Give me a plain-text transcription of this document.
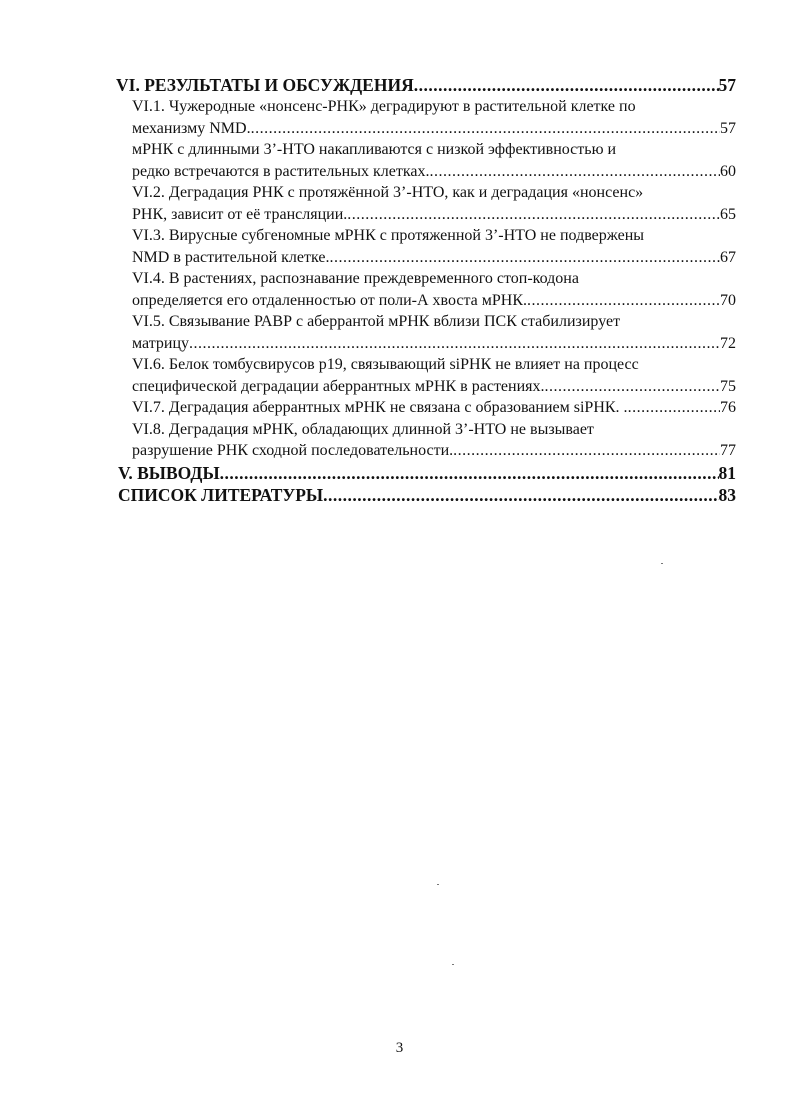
VI. РЕЗУЛЬТАТЫ И ОБСУЖДЕНИЯ .....	57
VI.1. Чужеродные «нонсенс-РНК» деградируют в растительной клетке по
механизму NMD. .....	57
мРНК с длинными 3’-НТО накапливаются с низкой эффективностью и
редко встречаются в растительных клетках. .....	60
VI.2. Деградация РНК с протяжённой 3’-НТО, как и деградация «нонсенс»
РНК, зависит от её трансляции. .....	65
VI.3. Вирусные субгеномные мРНК с протяженной 3’-НТО не подвержены
NMD в растительной клетке. .....	67
VI.4. В растениях, распознавание преждевременного стоп-кодона
определяется его отдаленностью от поли-А хвоста мРНК. .....	70
VI.5. Связывание РАВР с аберрантой мРНК вблизи ПСК стабилизирует
матрицу .....	72
VI.6. Белок томбусвирусов р19, связывающий siРНК не влияет на процесс
специфической деградации аберрантных мРНК в растениях. .....	75
VI.7. Деградация аберрантных мРНК не связана с образованием siРНК. . .....	76
VI.8. Деградация мРНК, обладающих длинной 3’-НТО не вызывает
разрушение РНК сходной последовательности. .....	77
V. ВЫВОДЫ .....	81
СПИСОК ЛИТЕРАТУРЫ .....	83
3
